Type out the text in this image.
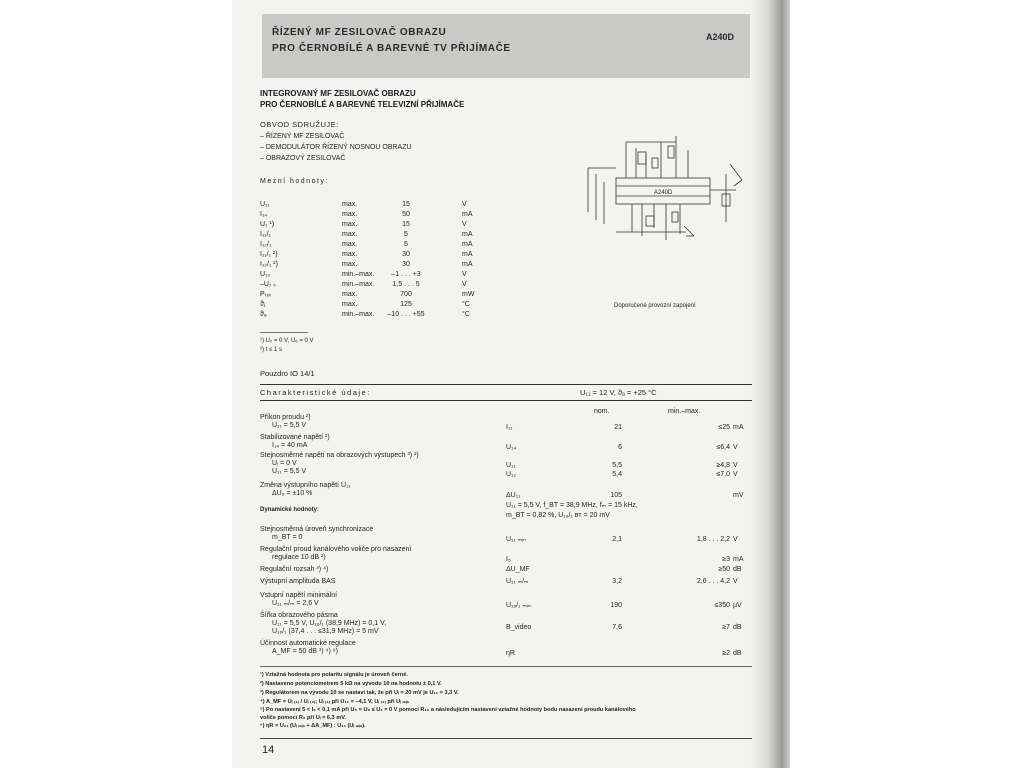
ŘÍZENÝ MF ZESILOVAČ OBRAZU
PRO ČERNOBÍLÉ A BAREVNÉ TV PŘIJÍMAČE
A240D
INTEGROVANÝ MF ZESILOVAČ OBRAZU
PRO ČERNOBÍLÉ A BAREVNÉ TELEVIZNÍ PŘIJÍMAČE
OBVOD SDRUŽUJE:
– ŘÍZENÝ MF ZESILOVAČ
– DEMODULÁTOR ŘÍZENÝ NOSNOU OBRAZU
– OBRAZOVÝ ZESILOVAČ
Mezní hodnoty:
U₁₁	max.	15	V
I₁₄	max.	50	mA
U₁ ¹)	max.	15	V
I₁₁/₁	max.	5	mA
I₁₂/₁	max.	5	mA
I₁₁/₁ ²)	max.	30	mA
I₁₂/₁ ²)	max.	30	mA
U₁₀	min.–max.	–1 . . . +3	V
–U₇ ₛ	min.–max.	1,5 . . . 5	V
Pₜₒₜ	max.	700	mW
ϑⱼ	max.	125	°C
ϑₐ	min.–max.	–10 . . . +55	°C
¹) U₂ = 0 V, U₆ = 0 V
²) t ≤ 1 s
A240D
Doporučené provozní zapojení
Pouzdro IO 14/1
Charakteristické údaje:	U₁₁ = 12 V, ϑₐ = +25 °C
nom.	min.–max.
Příkon proudu ²)
U₁₁ = 5,5 V	I₁₁	21	≤25 mA
Stabilizované napětí ²)
I₁₄ = 40 mA	U₁₄	6	≤6,4 V
Stejnosměrné napětí na obrazových výstupech ³) ²)
Uᵢ = 0 V
U₁₁ = 5,5 V
U₁₁	5,5	≥4,8 V
U₁₂	5,4	≤7,0 V
Změna výstupního napětí U₁₁
ΔU₈ = ±10 %	ΔU₁₁	105	mV
Dynamické hodnoty:
U₁₁ = 5,5 V, f_BT = 38,9 MHz, fₘ = 15 kHz,
m_BT = 0,82 %, U₁₆/₁ ʙᴛ = 20 mV
Stejnosměrná úroveň synchronizace
m_BT = 0	U₁₁ ₘᵢₙ	2,1	1,8 . . . 2,2 V
Regulační proud kanálového voliče pro nasazení
regulace 10 dB ²)	I₅	≥3 mA
Regulační rozsah ³) ⁴)	ΔU_MF	≥50 dB
Výstupní amplituda BAS	U₁₁ ₘ/ₘ	3,2	2,6 . . . 4,2 V
Vstupní napětí minimální
U₁₁ ₘ/ₘ = 2,6 V	U₁₆/₁ ₘᵢₙ	190	≤350 μV
Šířka obrazového pásma
U₁₁ = 5,5 V, U₁₆/₁ (38,9 MHz) = 0,1 V,
U₁₆/₁ (37,4 . . . ≤31,9 MHz) = 5 mV
B_video	7,6	≥7 dB
Účinnost automatické regulace
A_MF = 50 dB ³) ⁴) ⁶)	ηR	≥2 dB
¹) Vztažná hodnota pro polaritu signálu je úroveň černé.
²) Nastaveno potenciometrem 5 kΩ na vývodu 10 na hodnotu ± 0,1 V.
³) Regulátorem na vývodu 10 se nastaví tak, že při Uᵢ = 20 mV je U₁₁ = 3,3 V.
⁴) A_MF = Uᵢ ₍₁₎ / Uᵢ ₍₂₎; Uᵢ ₍₁₎ při U₁₁ = –4,1 V, Uᵢ ₍₂₎ při Uᵢ ₘᵢₙ
⁵) Po nastavení 5 < I₅ < 0,1 mA při U₅ = U₈ ≤ U₁ = 0 V pomocí R₁₀ a následujícím nastavení vztažné hodnoty bodu nasazení proudu kanálového
voliče pomocí R₆ při Uᵢ = 6,3 mV.
⁶) ηR = U₁₁ (Uᵢ ₘᵢₙ + ΔA_MF) : U₁₁ (Uᵢ ₘᵢₙ).
14
